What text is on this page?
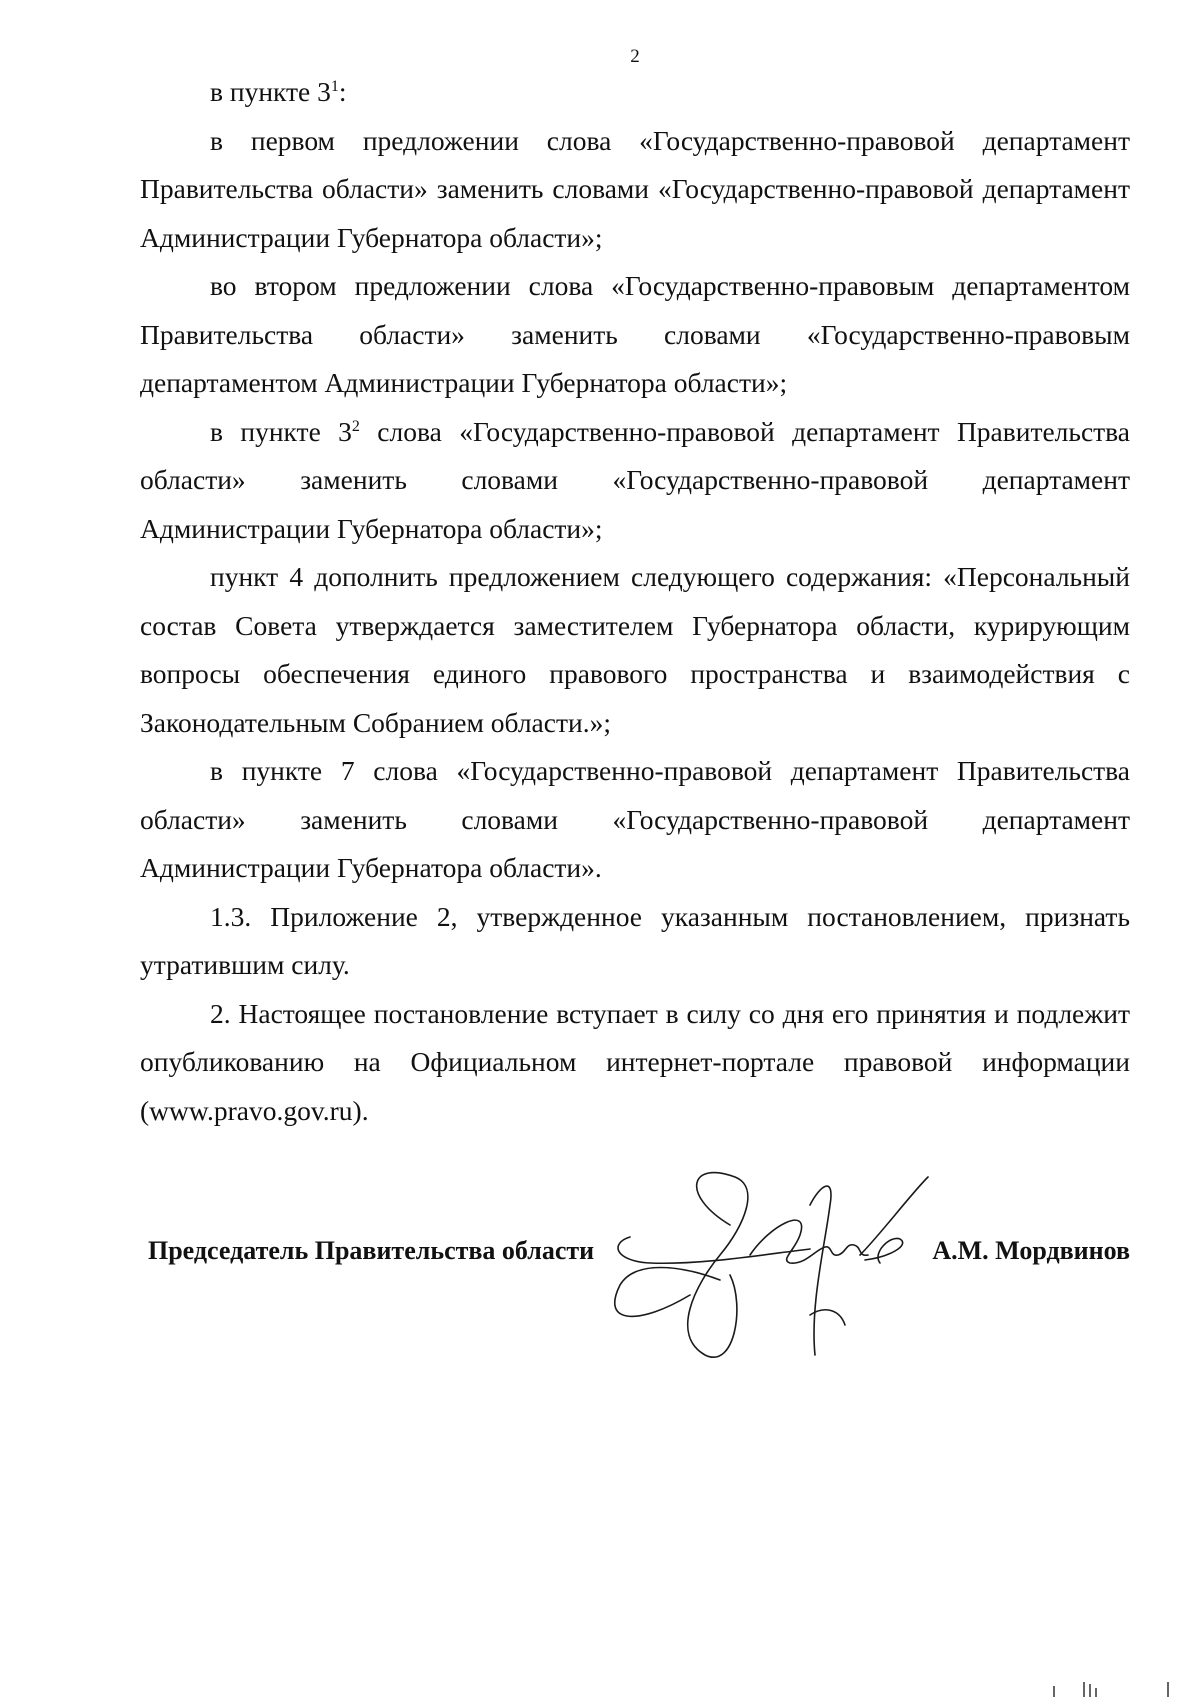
2

в пункте $3^1$:

в первом предложении слова «Государственно-правовой департамент Правительства области» заменить словами «Государственно-правовой департамент Администрации Губернатора области»;

во втором предложении слова «Государственно-правовым департаментом Правительства области» заменить словами «Государственно-правовым департаментом Администрации Губернатора области»;

в пункте $3^2$ слова «Государственно-правовой департамент Правительства области» заменить словами «Государственно-правовой департамент Администрации Губернатора области»;

пункт 4 дополнить предложением следующего содержания: «Персональный состав Совета утверждается заместителем Губернатора области, курирующим вопросы обеспечения единого правового пространства и взаимодействия с Законодательным Собранием области.»;

в пункте 7 слова «Государственно-правовой департамент Правительства области» заменить словами «Государственно-правовой департамент Администрации Губернатора области».

1.3. Приложение 2, утвержденное указанным постановлением, признать утратившим силу.

2. Настоящее постановление вступает в силу со дня его принятия и подлежит опубликованию на Официальном интернет-портале правовой информации (www.pravo.gov.ru).

Председатель Правительства области	А.М. Мордвинов
